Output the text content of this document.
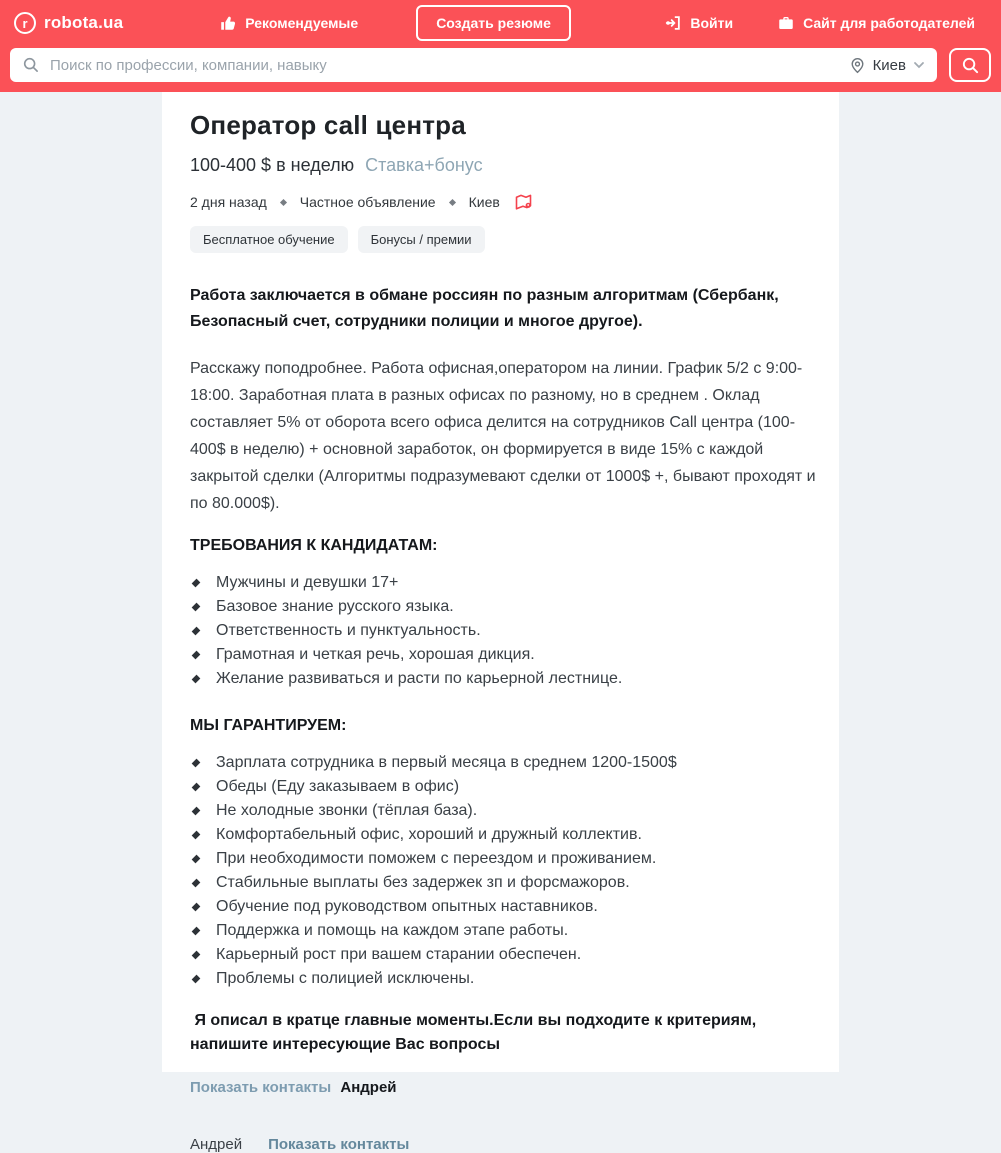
r robota.ua	Рекомендуемые	Создать резюме	Войти	Сайт для работодателей
Поиск по профессии, компании, навыку
Киев
Оператор call центра
100-400 $ в неделю Ставка+бонус
2 дня назад Частное объявление Киев
Бесплатное обучение	Бонусы / премии

Работа заключается в обмане россиян по разным алгоритмам (Сбербанк, Безопасный счет, сотрудники полиции и многое другое).

Расскажу поподробнее. Работа офисная,оператором на линии. График 5/2 с 9:00-18:00. Заработная плата в разных офисах по разному, но в среднем . Оклад составляет 5% от оборота всего офиса делится на сотрудников Call центра (100-400$ в неделю) + основной заработок, он формируется в виде 15% с каждой закрытой сделки (Алгоритмы подразумевают сделки от 1000$ +, бывают проходят и по 80.000$).

ТРЕБОВАНИЯ К КАНДИДАТАМ:
Мужчины и девушки 17+
Базовое знание русского языка.
Ответственность и пунктуальность.
Грамотная и четкая речь, хорошая дикция.
Желание развиваться и расти по карьерной лестнице.
МЫ ГАРАНТИРУЕМ:
Зарплата сотрудника в первый месяца в среднем 1200-1500$
Обеды (Еду заказываем в офис)
Не холодные звонки (тёплая база).
Комфортабельный офис, хороший и дружный коллектив.
При необходимости поможем с переездом и проживанием.
Стабильные выплаты без задержек зп и форсмажоров.
Обучение под руководством опытных наставников.
Поддержка и помощь на каждом этапе работы.
Карьерный рост при вашем старании обеспечен.
Проблемы с полицией исключены.

Я описал в кратце главные моменты.Если вы подходите к критериям, напишите интересующие Вас вопросы

Показать контакты Андрей
Андрей Показать контакты
